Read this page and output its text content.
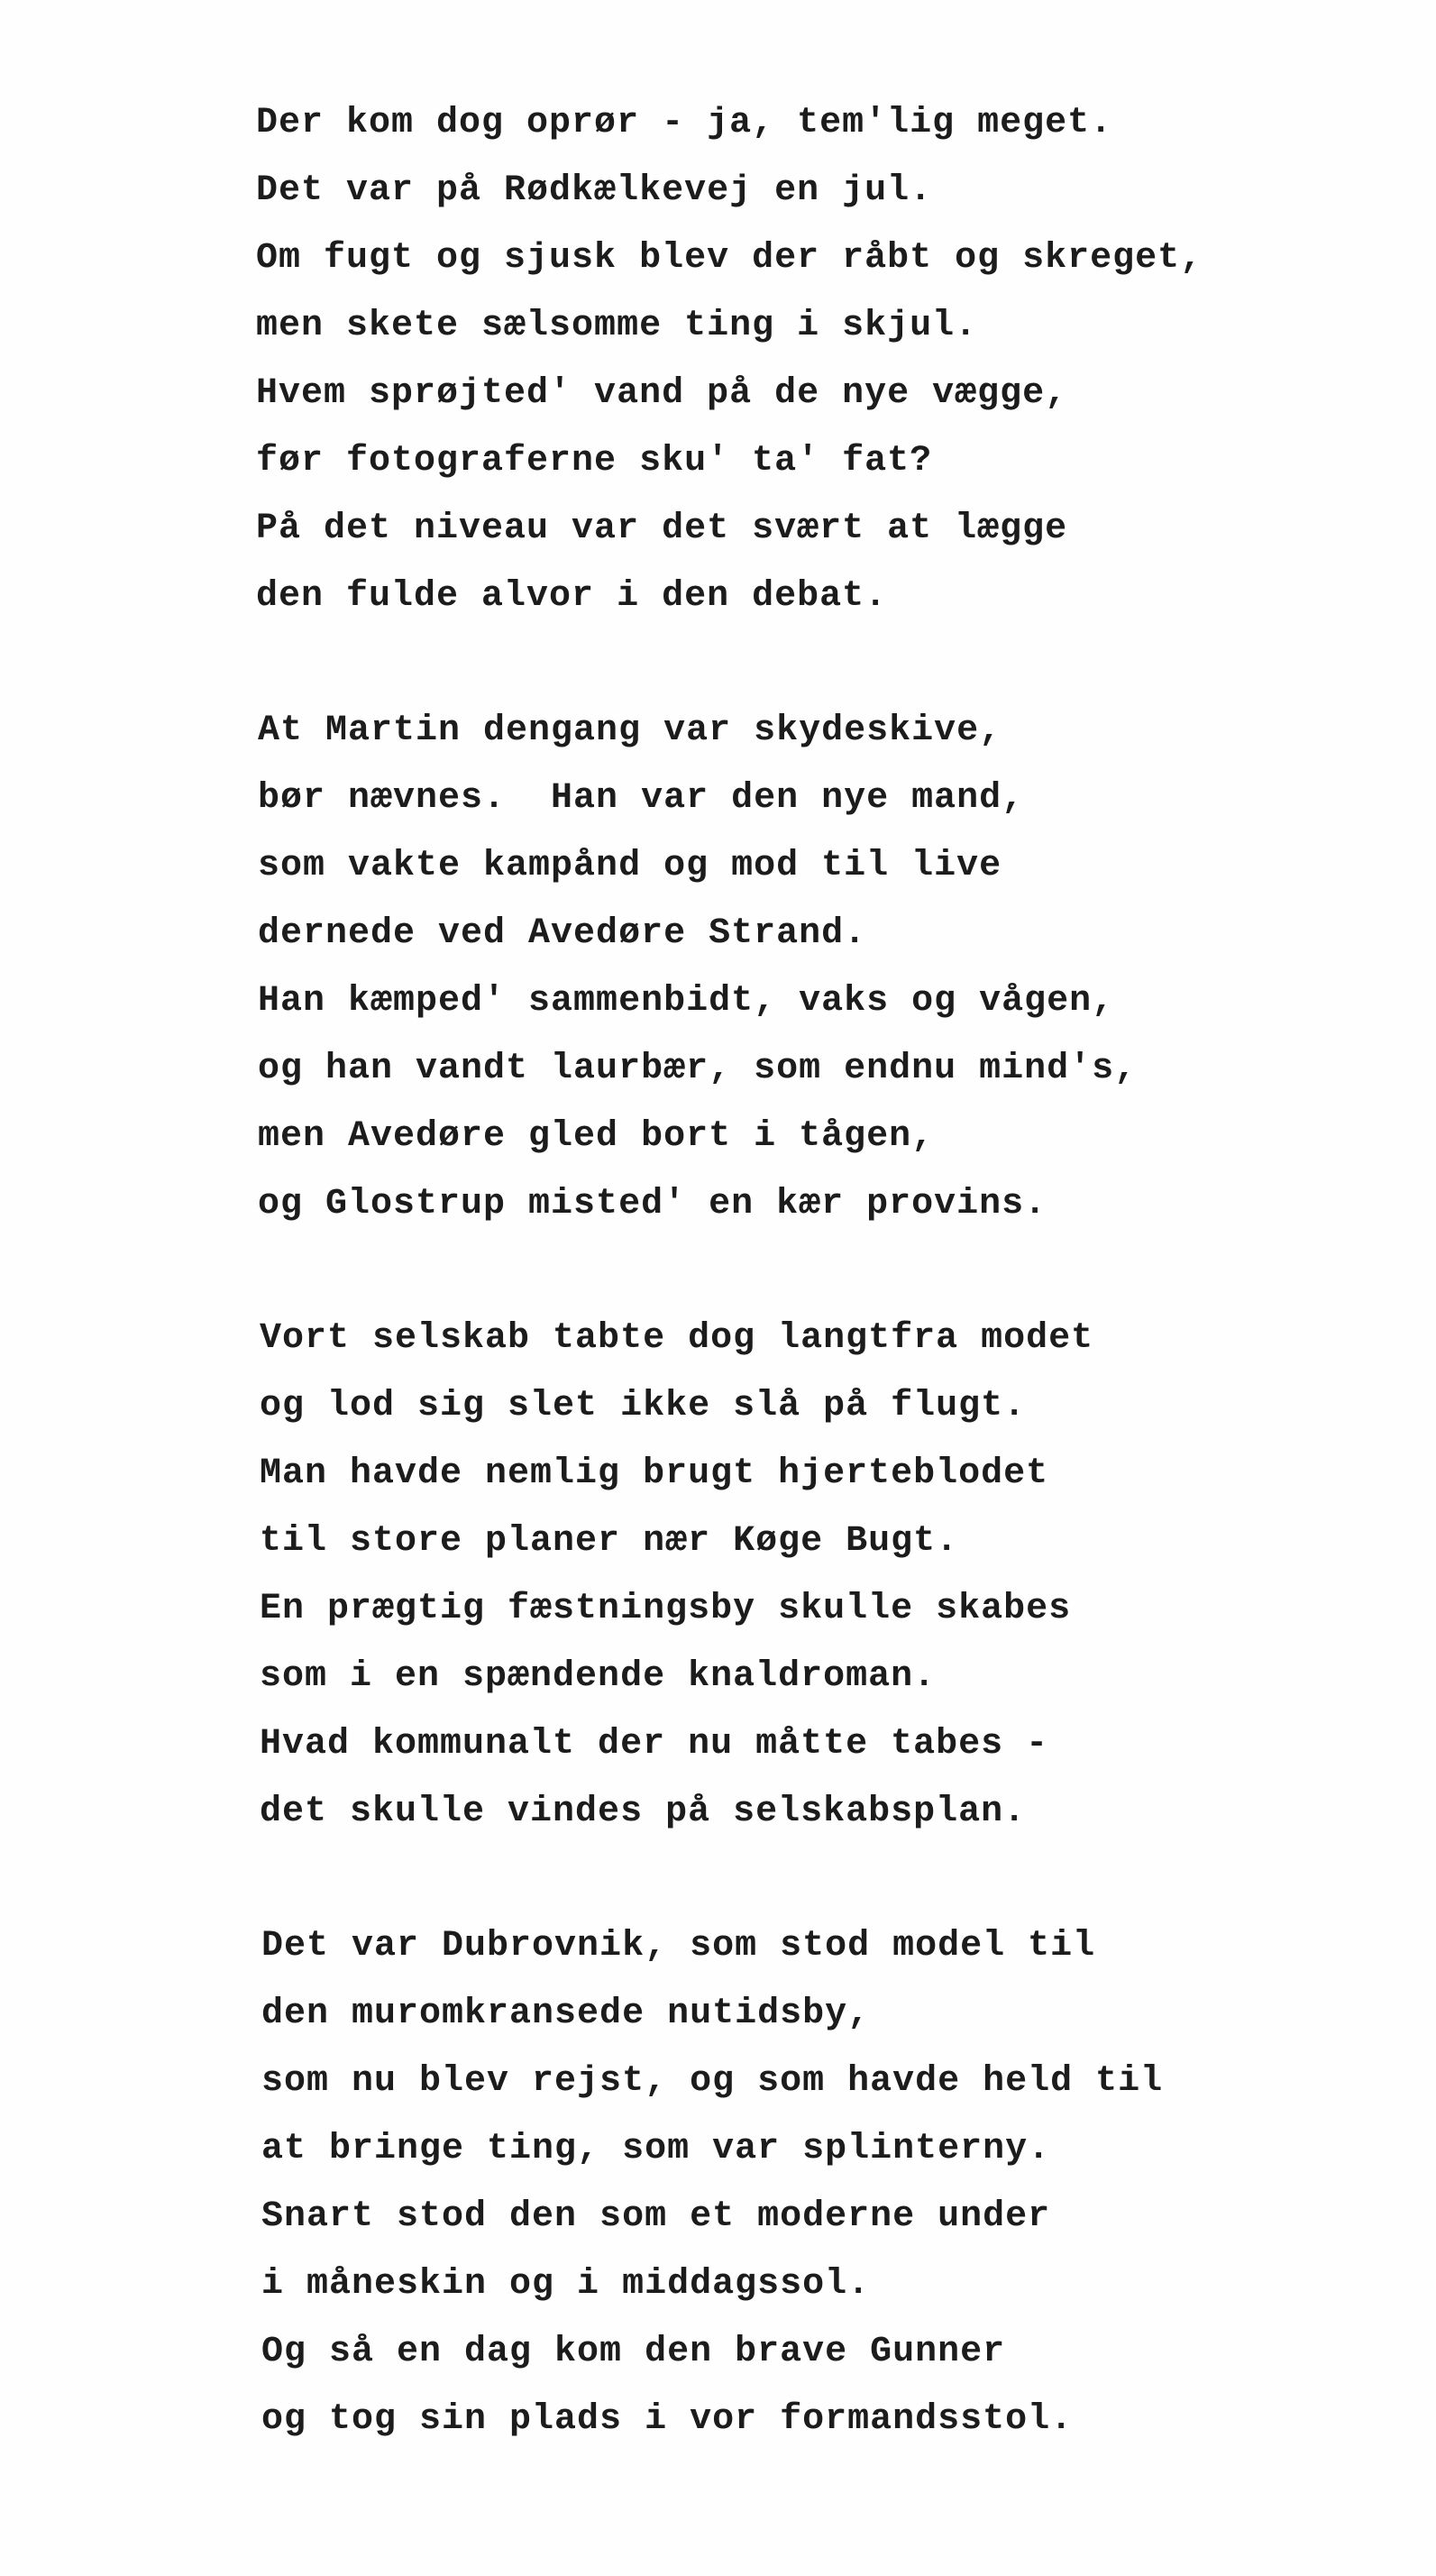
Der kom dog oprør - ja, tem'lig meget.
Det var på Rødkælkevej en jul.
Om fugt og sjusk blev der råbt og skreget,
men skete sælsomme ting i skjul.
Hvem sprøjted' vand på de nye vægge,
før fotograferne sku' ta' fat?
På det niveau var det svært at lægge
den fulde alvor i den debat.
At Martin dengang var skydeskive,
bør nævnes.  Han var den nye mand,
som vakte kampånd og mod til live
dernede ved Avedøre Strand.
Han kæmped' sammenbidt, vaks og vågen,
og han vandt laurbær, som endnu mind's,
men Avedøre gled bort i tågen,
og Glostrup misted' en kær provins.
Vort selskab tabte dog langtfra modet
og lod sig slet ikke slå på flugt.
Man havde nemlig brugt hjerteblodet
til store planer nær Køge Bugt.
En prægtig fæstningsby skulle skabes
som i en spændende knaldroman.
Hvad kommunalt der nu måtte tabes -
det skulle vindes på selskabsplan.
Det var Dubrovnik, som stod model til
den muromkransede nutidsby,
som nu blev rejst, og som havde held til
at bringe ting, som var splinterny.
Snart stod den som et moderne under
i måneskin og i middagssol.
Og så en dag kom den brave Gunner
og tog sin plads i vor formandsstol.
